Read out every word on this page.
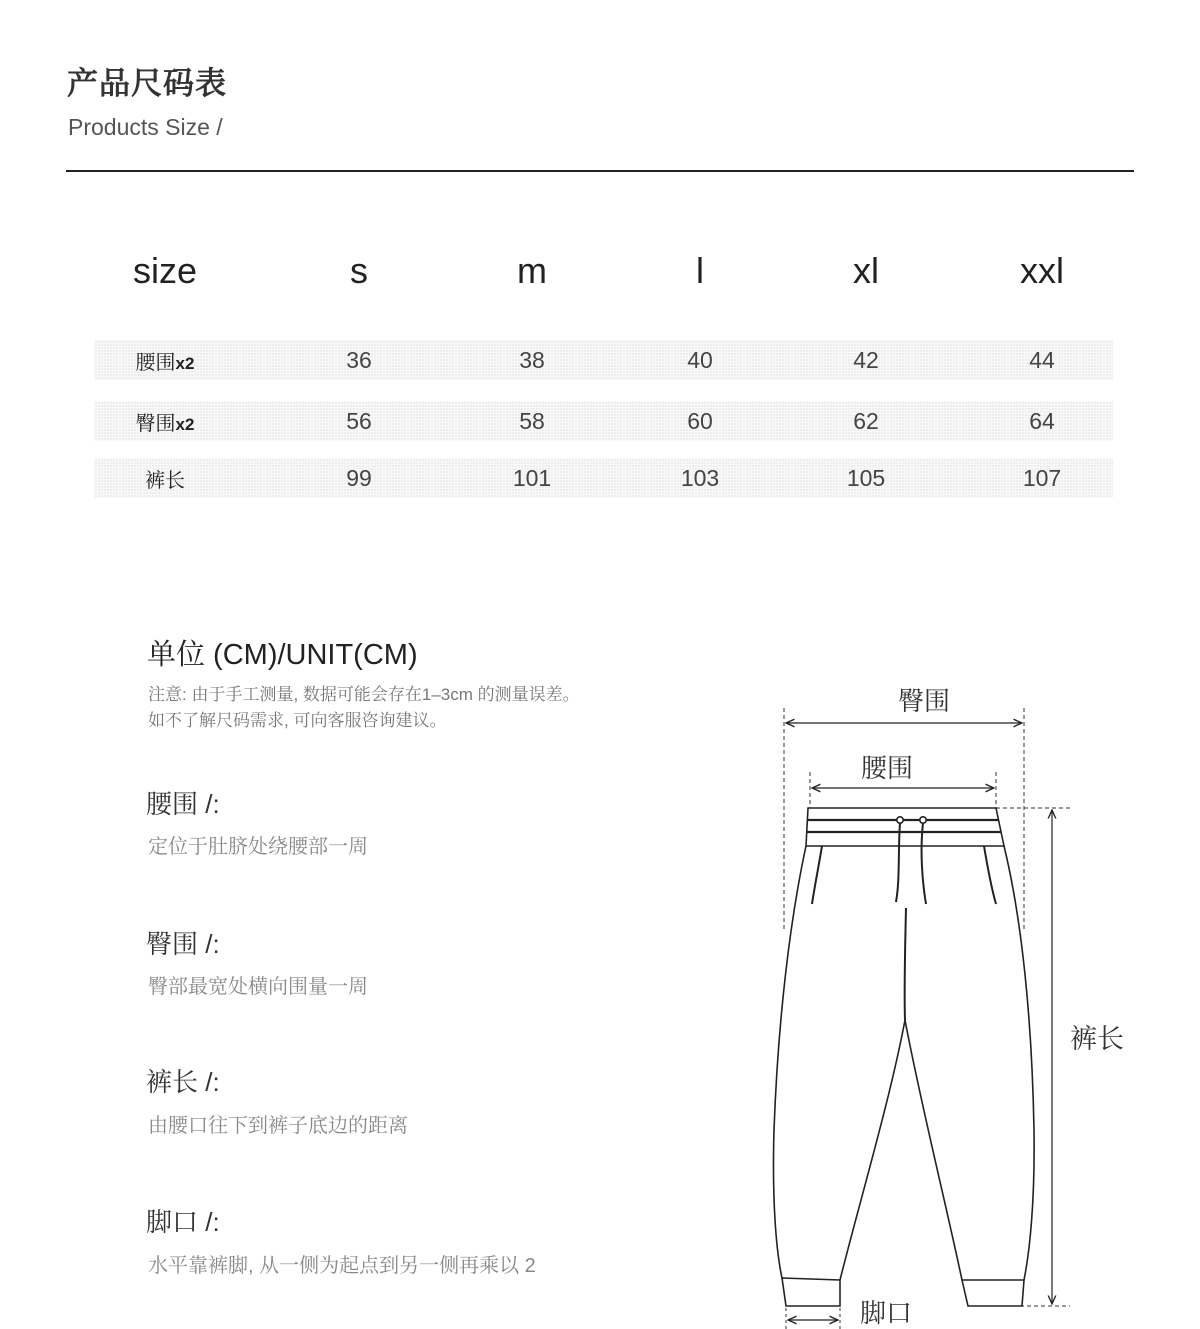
产品尺码表
Products Size /
size	s	m	l	xl	xxl
腰围x2	36	38	40	42	44
臀围x2	56	58	60	62	64
裤长	99	101	103	105	107
单位 (CM)/UNIT(CM)
注意: 由于手工测量, 数据可能会存在1–3cm 的测量误差。
如不了解尺码需求, 可向客服咨询建议。
腰围 /:
定位于肚脐处绕腰部一周
臀围 /:
臀部最宽处横向围量一周
裤长 /:
由腰口往下到裤子底边的距离
脚口 /:
水平靠裤脚, 从一侧为起点到另一侧再乘以 2
臀围
腰围
裤长
脚口
